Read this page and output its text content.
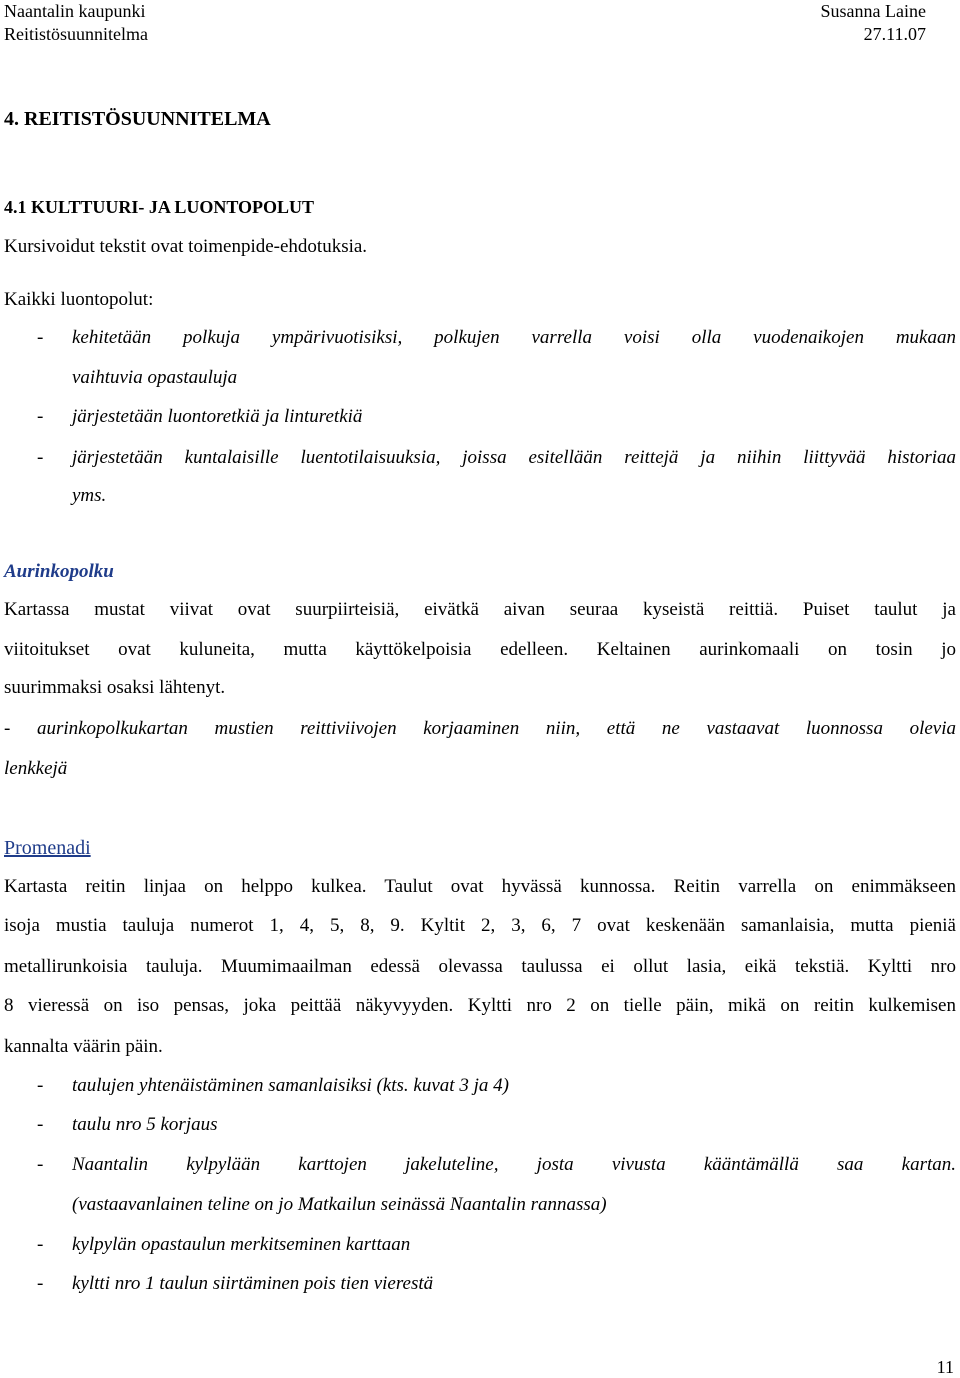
Naantalin kaupunki
Reitistösuunnitelma
Susanna Laine
27.11.07
4. REITISTÖSUUNNITELMA
4.1 KULTTUURI- JA LUONTOPOLUT
Kursivoidut tekstit ovat toimenpide-ehdotuksia.
Kaikki luontopolut:
- kehitetään polkuja ympärivuotisiksi, polkujen varrella voisi olla vuodenaikojen mukaan
vaihtuvia opastauluja
- järjestetään luontoretkiä ja linturetkiä
- järjestetään kuntalaisille luentotilaisuuksia, joissa esitellään reittejä ja niihin liittyvää historiaa
yms.
Aurinkopolku
Kartassa mustat viivat ovat suurpiirteisiä, eivätkä aivan seuraa kyseistä reittiä. Puiset taulut ja
viitoitukset ovat kuluneita, mutta käyttökelpoisia edelleen. Keltainen aurinkomaali on tosin jo
suurimmaksi osaksi lähtenyt.
- aurinkopolkukartan mustien reittiviivojen korjaaminen niin, että ne vastaavat luonnossa olevia
lenkkejä
Promenadi
Kartasta reitin linjaa on helppo kulkea. Taulut ovat hyvässä kunnossa. Reitin varrella on enimmäkseen
isoja mustia tauluja numerot 1, 4, 5, 8, 9. Kyltit 2, 3, 6, 7 ovat keskenään samanlaisia, mutta pieniä
metallirunkoisia tauluja. Muumimaailman edessä olevassa taulussa ei ollut lasia, eikä tekstiä. Kyltti nro
8 vieressä on iso pensas, joka peittää näkyvyyden. Kyltti nro 2 on tielle päin, mikä on reitin kulkemisen
kannalta väärin päin.
- taulujen yhtenäistäminen samanlaisiksi (kts. kuvat 3 ja 4)
- taulu nro 5 korjaus
- Naantalin kylpylään karttojen jakeluteline, josta vivusta kääntämällä saa kartan.
(vastaavanlainen teline on jo Matkailun seinässä Naantalin rannassa)
- kylpylän opastaulun merkitseminen karttaan
- kyltti nro 1 taulun siirtäminen pois tien vierestä
11
